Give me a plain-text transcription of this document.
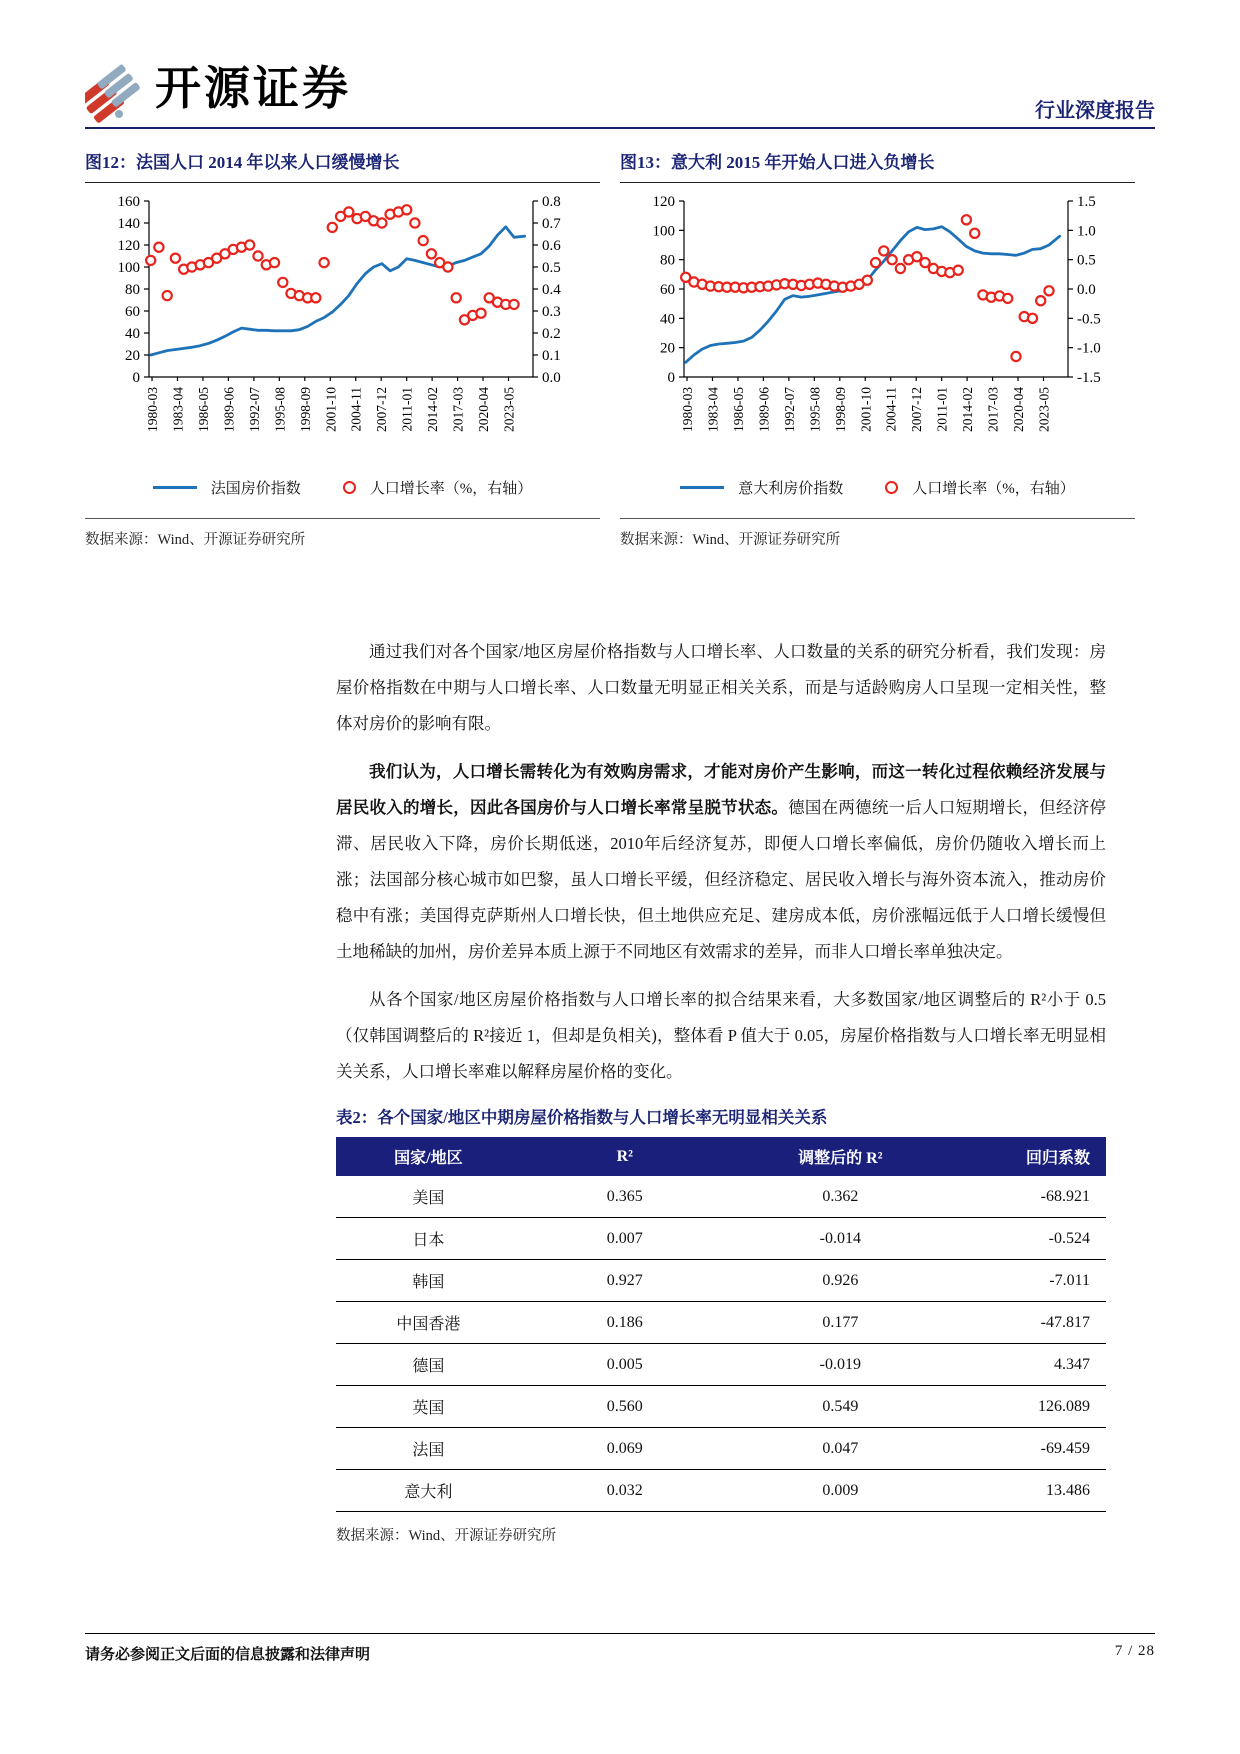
开源证券	行业深度报告
图12：法国人口 2014 年以来人口缓慢增长
0
20
40
60
80
100
120
140
160
0.0
0.1
0.2
0.3
0.4
0.5
0.6
0.7
0.8
1980-03 1983-04 1986-05 1989-06 1992-07 1995-08 1998-09 2001-10 2004-11 2007-12 2011-01 2014-02 2017-03 2020-04 2023-05
法国房价指数	人口增长率（%，右轴）
数据来源：Wind、开源证券研究所
图13：意大利 2015 年开始人口进入负增长
0
20
40
60
80
100
120
-1.5
-1.0
-0.5
0.0
0.5
1.0
1.5
1980-03 1983-04 1986-05 1989-06 1992-07 1995-08 1998-09 2001-10 2004-11 2007-12 2011-01 2014-02 2017-03 2020-04 2023-05
意大利房价指数	人口增长率（%，右轴）
数据来源：Wind、开源证券研究所

通过我们对各个国家/地区房屋价格指数与人口增长率、人口数量的关系的研究分析看，我们发现：房屋价格指数在中期与人口增长率、人口数量无明显正相关关系，而是与适龄购房人口呈现一定相关性，整体对房价的影响有限。

我们认为，人口增长需转化为有效购房需求，才能对房价产生影响，而这一转化过程依赖经济发展与居民收入的增长，因此各国房价与人口增长率常呈脱节状态。德国在两德统一后人口短期增长，但经济停滞、居民收入下降，房价长期低迷，2010年后经济复苏，即便人口增长率偏低，房价仍随收入增长而上涨；法国部分核心城市如巴黎，虽人口增长平缓，但经济稳定、居民收入增长与海外资本流入，推动房价稳中有涨；美国得克萨斯州人口增长快，但土地供应充足、建房成本低，房价涨幅远低于人口增长缓慢但土地稀缺的加州，房价差异本质上源于不同地区有效需求的差异，而非人口增长率单独决定。

从各个国家/地区房屋价格指数与人口增长率的拟合结果来看，大多数国家/地区调整后的 R²小于 0.5（仅韩国调整后的 R²接近 1，但却是负相关)，整体看 P 值大于 0.05，房屋价格指数与人口增长率无明显相关关系，人口增长率难以解释房屋价格的变化。

表2：各个国家/地区中期房屋价格指数与人口增长率无明显相关关系
国家/地区	R²	调整后的 R²	回归系数
美国	0.365	0.362	-68.921
日本	0.007	-0.014	-0.524
韩国	0.927	0.926	-7.011
中国香港	0.186	0.177	-47.817
德国	0.005	-0.019	4.347
英国	0.560	0.549	126.089
法国	0.069	0.047	-69.459
意大利	0.032	0.009	13.486
数据来源：Wind、开源证券研究所
请务必参阅正文后面的信息披露和法律声明	7 / 28
